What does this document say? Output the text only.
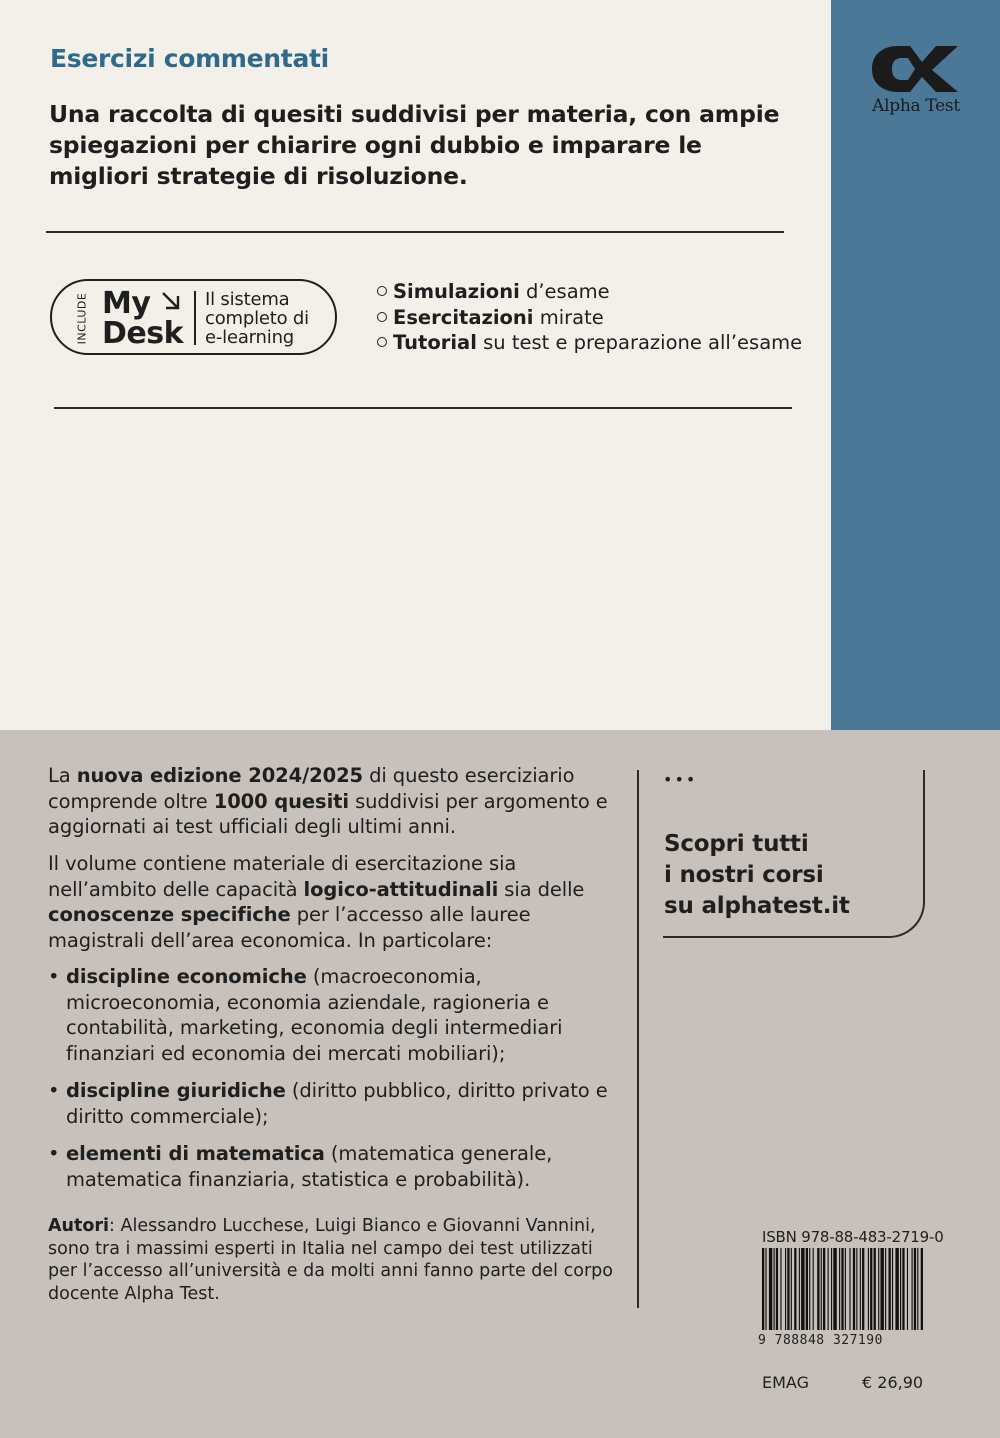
Alpha Test
Esercizi commentati
Una raccolta di quesiti suddivisi per materia, con ampie spiegazioni per chiarire ogni dubbio e imparare le migliori strategie di risoluzione.
INCLUDE My
Desk
Il sistema
completo di
e-learning
Simulazioni d’esame
Esercitazioni mirate
Tutorial su test e preparazione all’esame
La nuova edizione 2024/2025 di questo eserciziario comprende oltre 1000 quesiti suddivisi per argomento e aggiornati ai test ufficiali degli ultimi anni.
Il volume contiene materiale di esercitazione sia nell’ambito delle capacità logico-attitudinali sia delle conoscenze specifiche per l’accesso alle lauree magistrali dell’area economica. In particolare:
• discipline economiche (macroeconomia, microeconomia, economia aziendale, ragioneria e contabilità, marketing, economia degli intermediari finanziari ed economia dei mercati mobiliari);
• discipline giuridiche (diritto pubblico, diritto privato e diritto commerciale);
• elementi di matematica (matematica generale, matematica finanziaria, statistica e probabilità).
Autori: Alessandro Lucchese, Luigi Bianco e Giovanni Vannini, sono tra i massimi esperti in Italia nel campo dei test utilizzati per l’accesso all’università e da molti anni fanno parte del corpo docente Alpha Test.
•••
Scopri tutti
i nostri corsi
su alphatest.it
ISBN 978-88-483-2719-0
9 788848 327190
EMAG	€ 26,90
